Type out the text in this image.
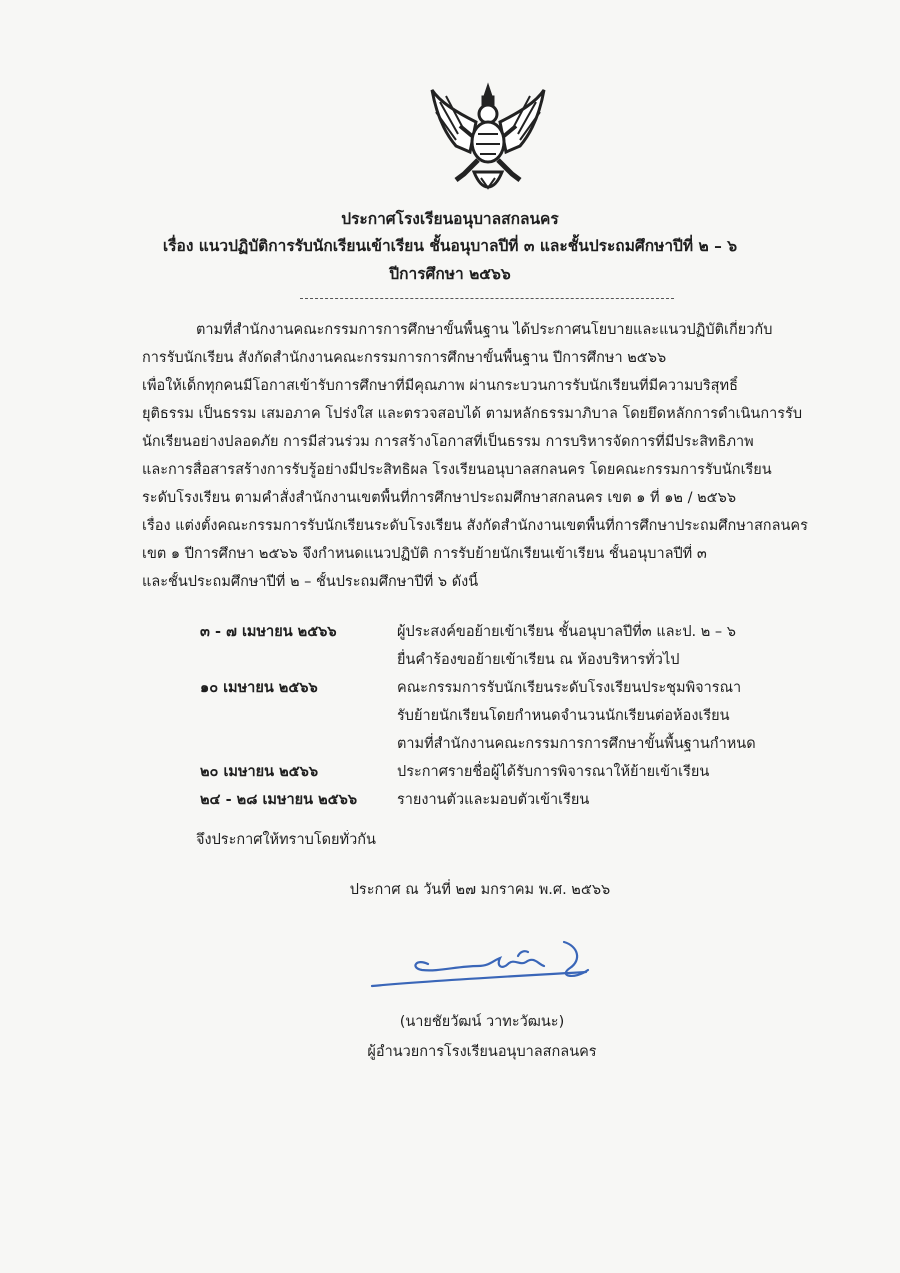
ประกาศโรงเรียนอนุบาลสกลนคร
เรื่อง แนวปฏิบัติการรับนักเรียนเข้าเรียน ชั้นอนุบาลปีที่ ๓ และชั้นประถมศึกษาปีที่ ๒ – ๖
ปีการศึกษา ๒๕๖๖
ตามที่สำนักงานคณะกรรมการการศึกษาขั้นพื้นฐาน ได้ประกาศนโยบายและแนวปฏิบัติเกี่ยวกับ
การรับนักเรียน สังกัดสำนักงานคณะกรรมการการศึกษาขั้นพื้นฐาน ปีการศึกษา ๒๕๖๖
เพื่อให้เด็กทุกคนมีโอกาสเข้ารับการศึกษาที่มีคุณภาพ ผ่านกระบวนการรับนักเรียนที่มีความบริสุทธิ์
ยุติธรรม เป็นธรรม เสมอภาค โปร่งใส และตรวจสอบได้ ตามหลักธรรมาภิบาล โดยยึดหลักการดำเนินการรับ
นักเรียนอย่างปลอดภัย การมีส่วนร่วม การสร้างโอกาสที่เป็นธรรม การบริหารจัดการที่มีประสิทธิภาพ
และการสื่อสารสร้างการรับรู้อย่างมีประสิทธิผล โรงเรียนอนุบาลสกลนคร โดยคณะกรรมการรับนักเรียน
ระดับโรงเรียน ตามคำสั่งสำนักงานเขตพื้นที่การศึกษาประถมศึกษาสกลนคร เขต ๑ ที่ ๑๒ / ๒๕๖๖
เรื่อง แต่งตั้งคณะกรรมการรับนักเรียนระดับโรงเรียน สังกัดสำนักงานเขตพื้นที่การศึกษาประถมศึกษาสกลนคร
เขต ๑ ปีการศึกษา ๒๕๖๖ จึงกำหนดแนวปฏิบัติ การรับย้ายนักเรียนเข้าเรียน ชั้นอนุบาลปีที่ ๓
และชั้นประถมศึกษาปีที่ ๒ – ชั้นประถมศึกษาปีที่ ๖ ดังนี้
๓ - ๗ เมษายน ๒๕๖๖	ผู้ประสงค์ขอย้ายเข้าเรียน ชั้นอนุบาลปีที่๓ และป. ๒ – ๖
ยื่นคำร้องขอย้ายเข้าเรียน ณ ห้องบริหารทั่วไป
๑๐ เมษายน ๒๕๖๖	คณะกรรมการรับนักเรียนระดับโรงเรียนประชุมพิจารณา
รับย้ายนักเรียนโดยกำหนดจำนวนนักเรียนต่อห้องเรียน
ตามที่สำนักงานคณะกรรมการการศึกษาขั้นพื้นฐานกำหนด
๒๐ เมษายน ๒๕๖๖	ประกาศรายชื่อผู้ได้รับการพิจารณาให้ย้ายเข้าเรียน
๒๔ - ๒๘ เมษายน ๒๕๖๖	รายงานตัวและมอบตัวเข้าเรียน
จึงประกาศให้ทราบโดยทั่วกัน
ประกาศ ณ วันที่ ๒๗ มกราคม พ.ศ. ๒๕๖๖
(นายชัยวัฒน์ วาทะวัฒนะ)
ผู้อำนวยการโรงเรียนอนุบาลสกลนคร
